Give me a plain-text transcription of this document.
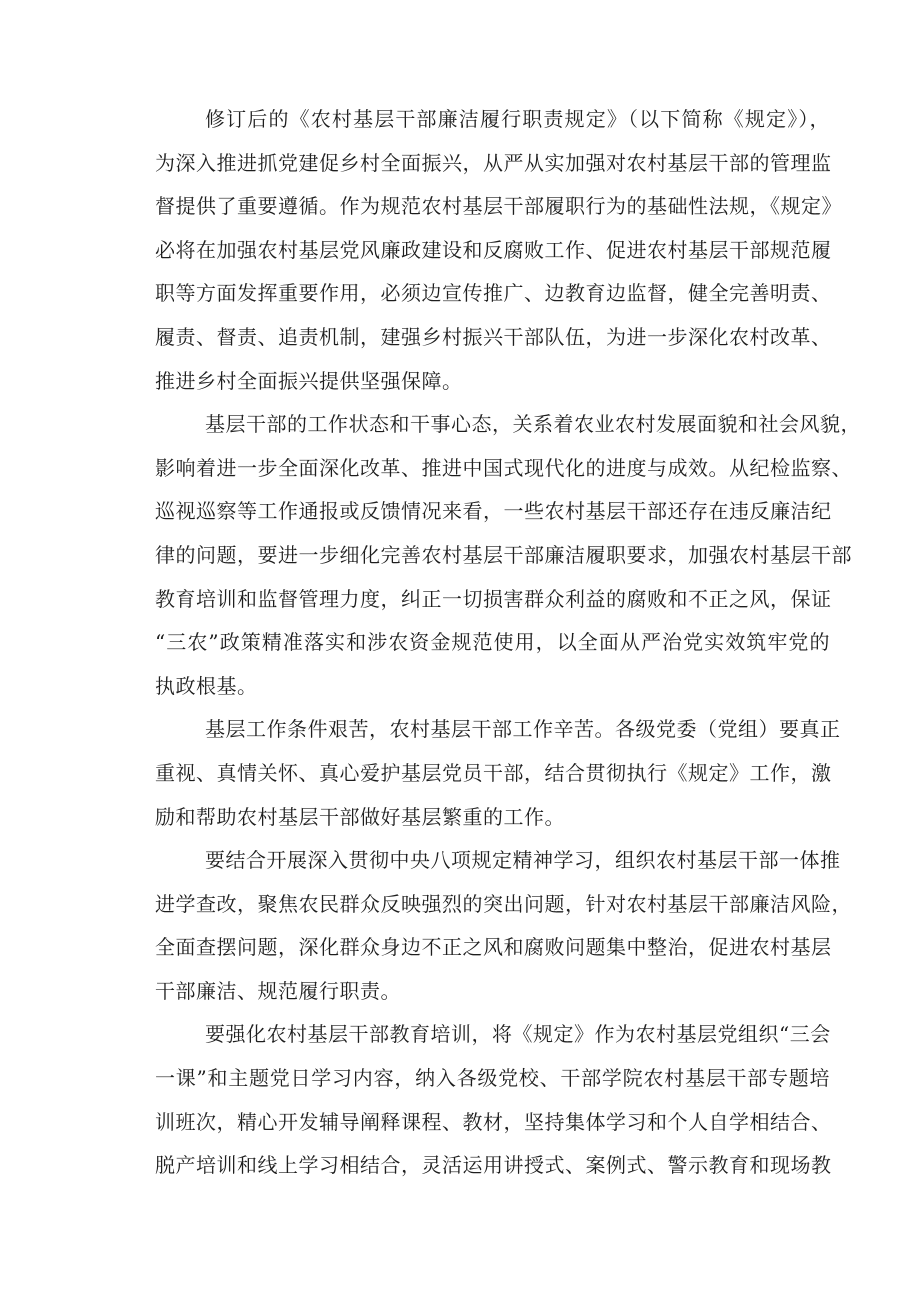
修订后的《农村基层干部廉洁履行职责规定》（以下简称《规定》），
为深入推进抓党建促乡村全面振兴，从严从实加强对农村基层干部的管理监
督提供了重要遵循。作为规范农村基层干部履职行为的基础性法规，《规定》
必将在加强农村基层党风廉政建设和反腐败工作、促进农村基层干部规范履
职等方面发挥重要作用，必须边宣传推广、边教育边监督，健全完善明责、
履责、督责、追责机制，建强乡村振兴干部队伍，为进一步深化农村改革、
推进乡村全面振兴提供坚强保障。
基层干部的工作状态和干事心态，关系着农业农村发展面貌和社会风貌，
影响着进一步全面深化改革、推进中国式现代化的进度与成效。从纪检监察、
巡视巡察等工作通报或反馈情况来看，一些农村基层干部还存在违反廉洁纪
律的问题，要进一步细化完善农村基层干部廉洁履职要求，加强农村基层干部
教育培训和监督管理力度，纠正一切损害群众利益的腐败和不正之风，保证
“三农”政策精准落实和涉农资金规范使用，以全面从严治党实效筑牢党的
执政根基。
基层工作条件艰苦，农村基层干部工作辛苦。各级党委（党组）要真正
重视、真情关怀、真心爱护基层党员干部，结合贯彻执行《规定》工作，激
励和帮助农村基层干部做好基层繁重的工作。
要结合开展深入贯彻中央八项规定精神学习，组织农村基层干部一体推
进学查改，聚焦农民群众反映强烈的突出问题，针对农村基层干部廉洁风险，
全面查摆问题，深化群众身边不正之风和腐败问题集中整治，促进农村基层
干部廉洁、规范履行职责。
要强化农村基层干部教育培训，将《规定》作为农村基层党组织“三会
一课”和主题党日学习内容，纳入各级党校、干部学院农村基层干部专题培
训班次，精心开发辅导阐释课程、教材，坚持集体学习和个人自学相结合、
脱产培训和线上学习相结合，灵活运用讲授式、案例式、警示教育和现场教
